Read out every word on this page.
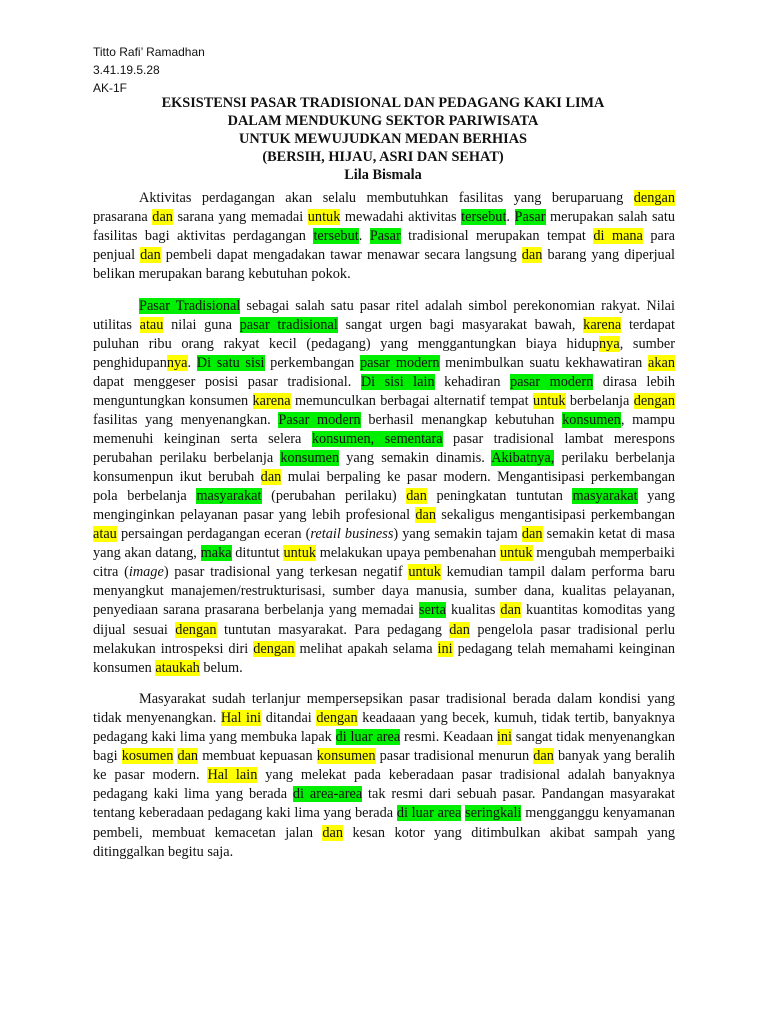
Titto Rafi’ Ramadhan
3.41.19.5.28
AK-1F
EKSISTENSI PASAR TRADISIONAL DAN PEDAGANG KAKI LIMA
DALAM MENDUKUNG SEKTOR PARIWISATA
UNTUK MEWUJUDKAN MEDAN BERHIAS
(BERSIH, HIJAU, ASRI DAN SEHAT)
Lila Bismala

Aktivitas perdagangan akan selalu membutuhkan fasilitas yang beruparuang dengan prasarana dan sarana yang memadai untuk mewadahi aktivitas tersebut. Pasar merupakan salah satu fasilitas bagi aktivitas perdagangan tersebut. Pasar tradisional merupakan tempat di mana para penjual dan pembeli dapat mengadakan tawar menawar secara langsung dan barang yang diperjual belikan merupakan barang kebutuhan pokok.

Pasar Tradisional sebagai salah satu pasar ritel adalah simbol perekonomian rakyat. Nilai utilitas atau nilai guna pasar tradisional sangat urgen bagi masyarakat bawah, karena terdapat puluhan ribu orang rakyat kecil (pedagang) yang menggantungkan biaya hidupnya, sumber penghidupannya. Di satu sisi perkembangan pasar modern menimbulkan suatu kekhawatiran akan dapat menggeser posisi pasar tradisional. Di sisi lain kehadiran pasar modern dirasa lebih menguntungkan konsumen karena memunculkan berbagai alternatif tempat untuk berbelanja dengan fasilitas yang menyenangkan. Pasar modern berhasil menangkap kebutuhan konsumen, mampu memenuhi keinginan serta selera konsumen, sementara pasar tradisional lambat merespons perubahan perilaku berbelanja konsumen yang semakin dinamis. Akibatnya, perilaku berbelanja konsumenpun ikut berubah dan mulai berpaling ke pasar modern. Mengantisipasi perkembangan pola berbelanja masyarakat (perubahan perilaku) dan peningkatan tuntutan masyarakat yang menginginkan pelayanan pasar yang lebih profesional dan sekaligus mengantisipasi perkembangan atau persaingan perdagangan eceran (retail business) yang semakin tajam dan semakin ketat di masa yang akan datang, maka dituntut untuk melakukan upaya pembenahan untuk mengubah memperbaiki citra (image) pasar tradisional yang terkesan negatif untuk kemudian tampil dalam performa baru menyangkut manajemen/restrukturisasi, sumber daya manusia, sumber dana, kualitas pelayanan, penyediaan sarana prasarana berbelanja yang memadai serta kualitas dan kuantitas komoditas yang dijual sesuai dengan tuntutan masyarakat. Para pedagang dan pengelola pasar tradisional perlu melakukan introspeksi diri dengan melihat apakah selama ini pedagang telah memahami keinginan konsumen ataukah belum.

Masyarakat sudah terlanjur mempersepsikan pasar tradisional berada dalam kondisi yang tidak menyenangkan. Hal ini ditandai dengan keadaaan yang becek, kumuh, tidak tertib, banyaknya pedagang kaki lima yang membuka lapak di luar area resmi. Keadaan ini sangat tidak menyenangkan bagi kosumen dan membuat kepuasan konsumen pasar tradisional menurun dan banyak yang beralih ke pasar modern. Hal lain yang melekat pada keberadaan pasar tradisional adalah banyaknya pedagang kaki lima yang berada di area-area tak resmi dari sebuah pasar. Pandangan masyarakat tentang keberadaan pedagang kaki lima yang berada di luar area seringkali mengganggu kenyamanan pembeli, membuat kemacetan jalan dan kesan kotor yang ditimbulkan akibat sampah yang ditinggalkan begitu saja.
